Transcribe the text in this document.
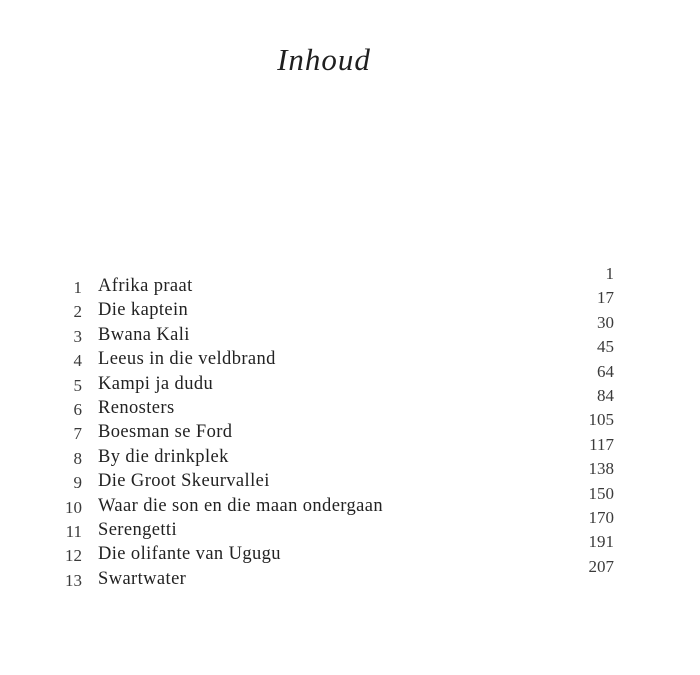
Inhoud
1 Afrika praat
1
2 Die kaptein
17
3 Bwana Kali
30
4 Leeus in die veldbrand
45
5 Kampi ja dudu
64
6 Renosters
84
7 Boesman se Ford
105
8 By die drinkplek
117
9 Die Groot Skeurvallei
138
10 Waar die son en die maan ondergaan
150
11 Serengetti
170
12 Die olifante van Ugugu
191
13 Swartwater
207
